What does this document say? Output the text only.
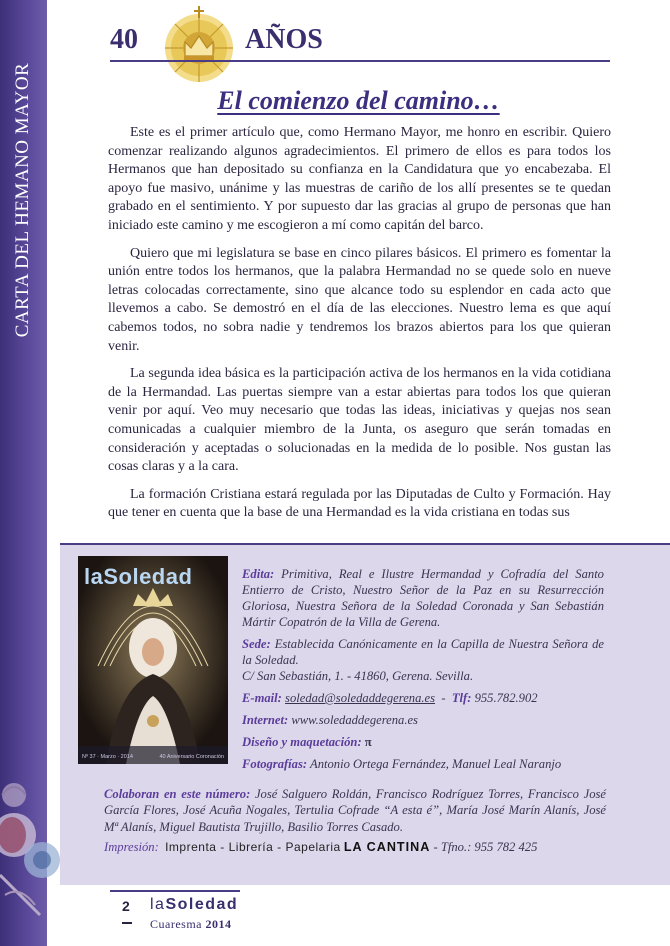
CARTA DEL HEMANO MAYOR
40	AÑOS
El comienzo del camino…

Este es el primer artículo que, como Hermano Mayor, me honro en escribir. Quiero comenzar realizando algunos agradecimientos. El primero de ellos es para todos los Hermanos que han depositado su confianza en la Candidatura que yo encabezaba. El apoyo fue masivo, unánime y las muestras de cariño de los allí presentes se te quedan grabado en el sentimiento. Y por supuesto dar las gracias al grupo de personas que han iniciado este camino y me escogieron a mí como capitán del barco.

Quiero que mi legislatura se base en cinco pilares básicos. El primero es fomentar la unión entre todos los hermanos, que la palabra Hermandad no se quede solo en nueve letras colocadas correctamente, sino que alcance todo su esplendor en cada acto que llevemos a cabo. Se demostró en el día de las elecciones. Nuestro lema es que aquí cabemos todos, no sobra nadie y tendremos los brazos abiertos para los que quieran venir.

La segunda idea básica es la participación activa de los hermanos en la vida cotidiana de la Hermandad. Las puertas siempre van a estar abiertas para todos los que quieran venir por aquí. Veo muy necesario que todas las ideas, iniciativas y quejas nos sean comunicadas a cualquier miembro de la Junta, os aseguro que serán tomadas en consideración y aceptadas o solucionadas en la medida de lo posible. Nos gustan las cosas claras y a la cara.

La formación Cristiana estará regulada por las Diputadas de Culto y Formación. Hay que tener en cuenta que la base de una Hermandad es la vida cristiana en todas sus

laSoledad
Nº 37 · Marzo · 2014	40 Aniversario Coronación

Edita: Primitiva, Real e Ilustre Hermandad y Cofradía del Santo Entierro de Cristo, Nuestro Señor de la Paz en su Resurrección Gloriosa, Nuestra Señora de la Soledad Coronada y San Sebastián Mártir Copatrón de la Villa de Gerena.

Sede: Establecida Canónicamente en la Capilla de Nuestra Señora de la Soledad.
C/ San Sebastián, 1. - 41860, Gerena. Sevilla.

E-mail: soledad@soledaddegerena.es - Tlf: 955.782.902

Internet: www.soledaddegerena.es

Diseño y maquetación: π

Fotografías: Antonio Ortega Fernández, Manuel Leal Naranjo

Colaboran en este número: José Salguero Roldán, Francisco Rodríguez Torres, Francisco José García Flores, José Acuña Nogales, Tertulia Cofrade “A esta é”, María José Marín Alanís, José Mª Alanís, Miguel Bautista Trujillo, Basilio Torres Casado.
Impresión: Imprenta - Librería - Papelaria LA CANTINA - Tfno.: 955 782 425
2 laSoledad
Cuaresma 2014
